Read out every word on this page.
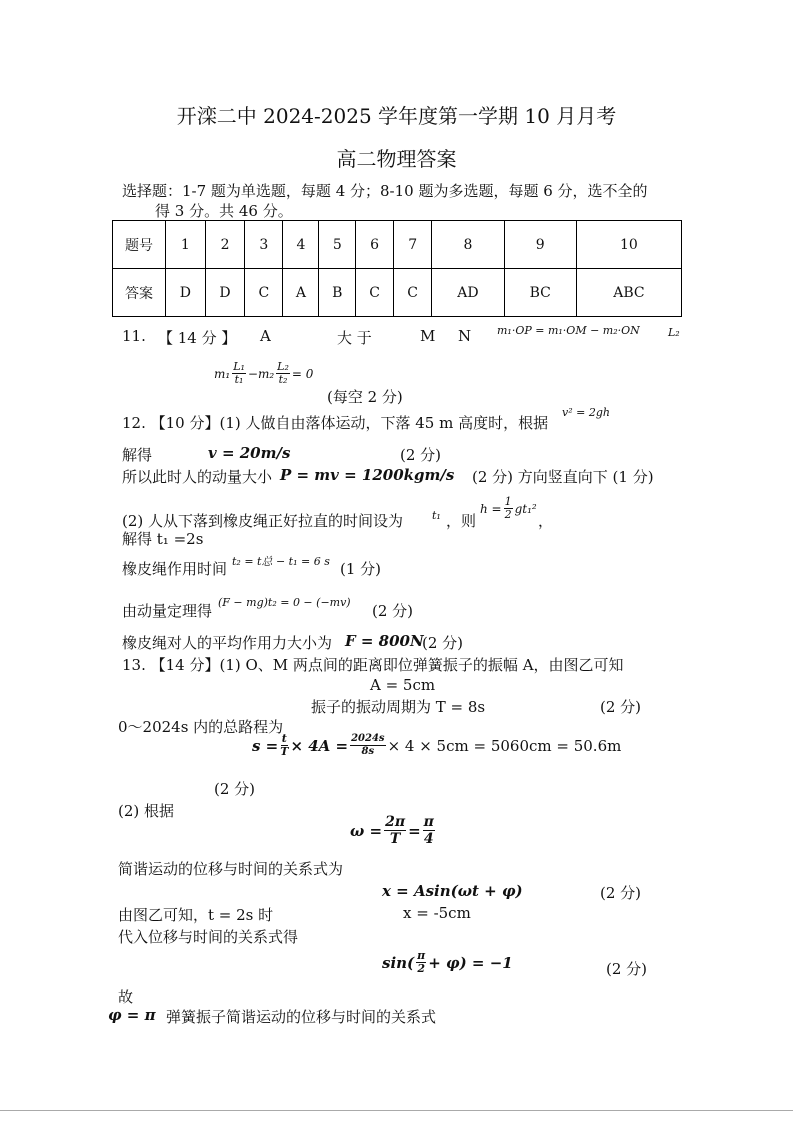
开滦二中 2024-2025 学年度第一学期 10 月月考
高二物理答案
选择题：1-7 题为单选题，每题 4 分；8-10 题为多选题，每题 6 分，选不全的
得 3 分。共 46 分。
题号	1	2	3	4	5	6	7	8	9	10
答案	D	D	C	A	B	C	C	AD	BC	ABC
11. 【 14 分 】 A	大 于	M N m₁·OP = m₁·OM − m₂·ON	L₂
$m_1 \frac{\text{L₁}}{\text{t₁}} -m_2 \frac{\text{L₂}}{\text{t₂}} = 0$
(每空 2 分)
12. 【10 分】(1) 人做自由落体运动，下落 45 m 高度时，根据
v² = 2gh
解得	v = 20m/s	(2 分)
所以此时人的动量大小 P = mv = 1200kgm/s (2 分) 方向竖直向下 (1 分)
(2) 人从下落到橡皮绳正好拉直的时间设为	t₁ ，则
$h = \frac{1}{2} gt_1^2$
，
解得 t₁ =2s
橡皮绳作用时间 t₂ = t总 − t₁ = 6 s (1 分)
由动量定理得 (F − mg)t₂ = 0 − (−mv) (2 分)
橡皮绳对人的平均作用力大小为 F = 800N
(2 分)
13. 【14 分】(1) O、M 两点间的距离即位弹簧振子的振幅 A，由图乙可知
A = 5cm
振子的振动周期为 T = 8s	(2 分)
0～2024s 内的总路程为
$s = \frac{t}{T} \times 4A = \frac{2024s}{8s} \times 4 \times 5cm = 5060cm = 50.6m$
(2 分)
(2) 根据
$\omega = \frac{2\pi}{T} = \frac{\pi}{4}$
简谐运动的位移与时间的关系式为
x = Asin(ωt + φ)	(2 分)
由图乙可知，t = 2s 时	x = -5cm
代入位移与时间的关系式得
$\sin( \frac{\pi}{2} + \varphi) = -1$	(2 分)
故
φ = π 弹簧振子简谐运动的位移与时间的关系式
